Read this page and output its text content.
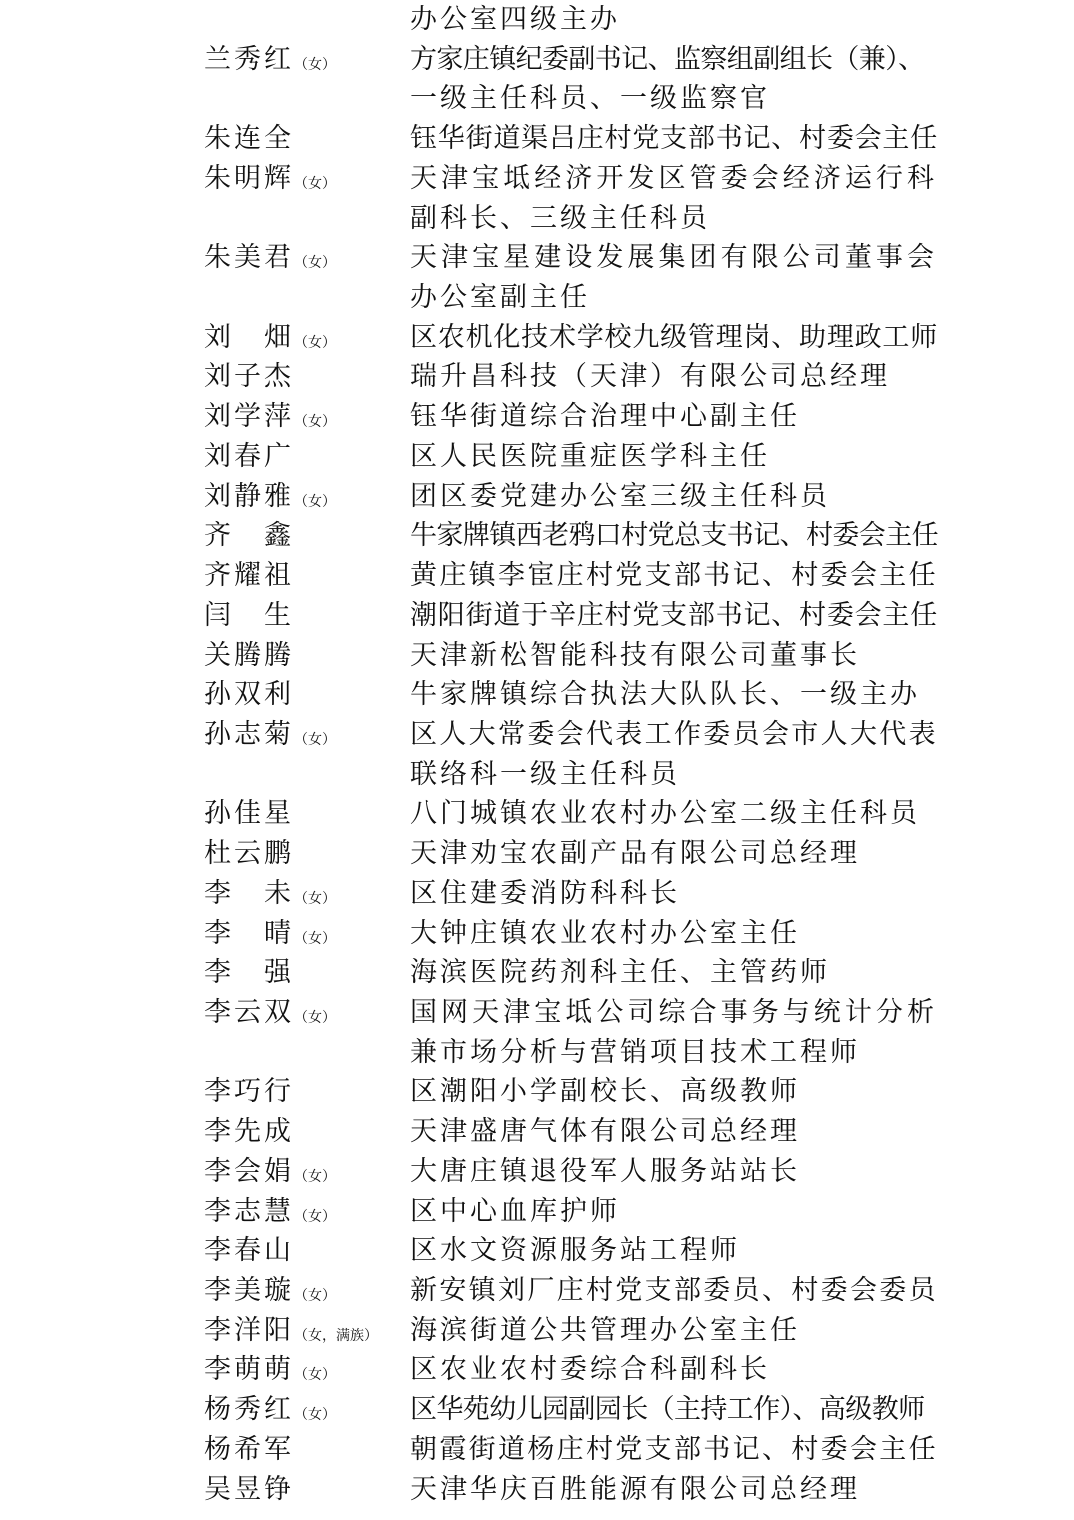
办公室四级主办
兰秀红（女）	方家庄镇纪委副书记、监察组副组长（兼）、
一级主任科员、一级监察官
朱连全	钰华街道渠吕庄村党支部书记、村委会主任
朱明辉（女）	天津宝坻经济开发区管委会经济运行科
副科长、三级主任科员
朱美君（女）	天津宝星建设发展集团有限公司董事会
办公室副主任
刘　畑（女）	区农机化技术学校九级管理岗、助理政工师
刘子杰	瑞升昌科技（天津）有限公司总经理
刘学萍（女）	钰华街道综合治理中心副主任
刘春广	区人民医院重症医学科主任
刘静雅（女）	团区委党建办公室三级主任科员
齐　鑫	牛家牌镇西老鸦口村党总支书记、村委会主任
齐耀祖	黄庄镇李宦庄村党支部书记、村委会主任
闫　生	潮阳街道于辛庄村党支部书记、村委会主任
关腾腾	天津新松智能科技有限公司董事长
孙双利	牛家牌镇综合执法大队队长、一级主办
孙志菊（女）	区人大常委会代表工作委员会市人大代表
联络科一级主任科员
孙佳星	八门城镇农业农村办公室二级主任科员
杜云鹏	天津劝宝农副产品有限公司总经理
李　未（女）	区住建委消防科科长
李　晴（女）	大钟庄镇农业农村办公室主任
李　强	海滨医院药剂科主任、主管药师
李云双（女）	国网天津宝坻公司综合事务与统计分析
兼市场分析与营销项目技术工程师
李巧行	区潮阳小学副校长、高级教师
李先成	天津盛唐气体有限公司总经理
李会娟（女）	大唐庄镇退役军人服务站站长
李志慧（女）	区中心血库护师
李春山	区水文资源服务站工程师
李美璇（女）	新安镇刘厂庄村党支部委员、村委会委员
李洋阳（女，满族）	海滨街道公共管理办公室主任
李萌萌（女）	区农业农村委综合科副科长
杨秀红（女）	区华苑幼儿园副园长（主持工作）、高级教师
杨希军	朝霞街道杨庄村党支部书记、村委会主任
吴昱铮	天津华庆百胜能源有限公司总经理
